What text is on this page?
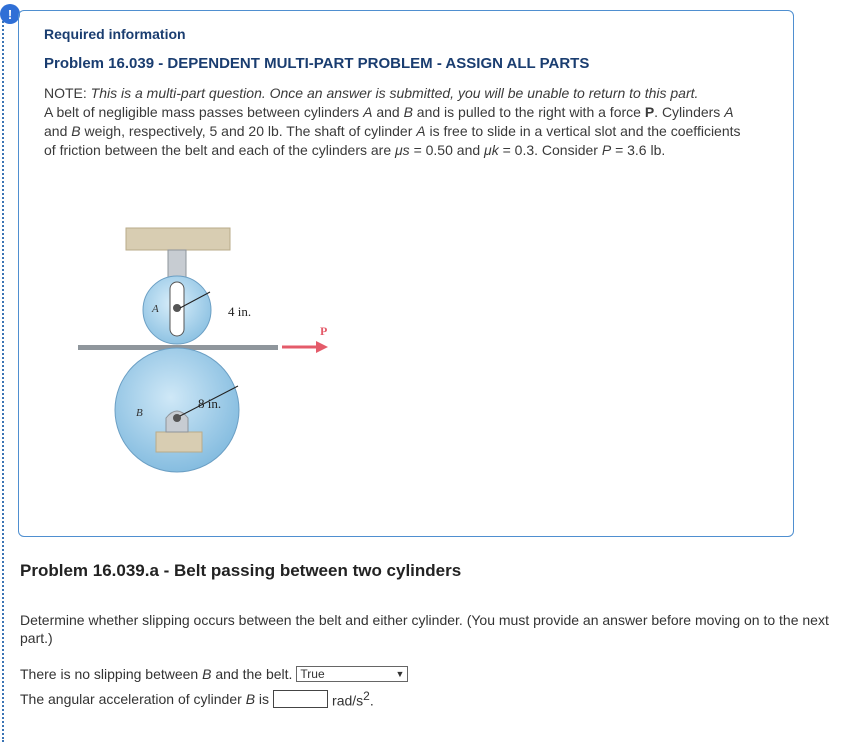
!
Required information
Problem 16.039 - DEPENDENT MULTI-PART PROBLEM - ASSIGN ALL PARTS
NOTE: This is a multi-part question. Once an answer is submitted, you will be unable to return to this part.
A belt of negligible mass passes between cylinders A and B and is pulled to the right with a force P. Cylinders A and B weigh, respectively, 5 and 20 lb. The shaft of cylinder A is free to slide in a vertical slot and the coefficients of friction between the belt and each of the cylinders are μs = 0.50 and μk = 0.3. Consider P = 3.6 lb.
A	4 in.
P
B
8 in.
Problem 16.039.a - Belt passing between two cylinders
Determine whether slipping occurs between the belt and either cylinder. (You must provide an answer before moving on to the next part.)
There is no slipping between
B
and the belt. True	▼
The angular acceleration of cylinder
B
is	rad/$s^2$.
